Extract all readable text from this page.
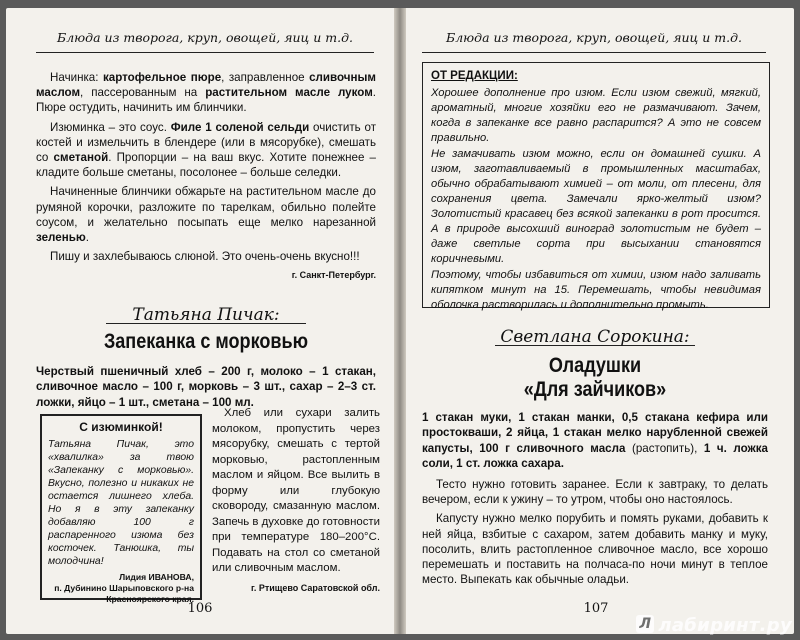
Блюда из творога, круп, овощей, яиц и т.д.

Начинка: картофельное пюре, заправленное сливочным маслом, пассерованным на растительном масле луком. Пюре остудить, начинить им блинчики.

Изюминка – это соус. Филе 1 соленой сельди очистить от костей и измельчить в блендере (или в мясорубке), смешать со сметаной. Пропорции – на ваш вкус. Хотите понежнее – кладите больше сметаны, посолонее – больше селедки.

Начиненные блинчики обжарьте на растительном масле до румяной корочки, разложите по тарелкам, обильно полейте соусом, и желательно посыпать еще мелко нарезанной зеленью.

Пишу и захлебываюсь слюной. Это очень-очень вкусно!!!

г. Санкт-Петербург.
Татьяна Пичак:
Запеканка с морковью
Черствый пшеничный хлеб – 200 г, молоко – 1 стакан, сливочное масло – 100 г, морковь – 3 шт., сахар – 2–3 ст. ложки, яйцо – 1 шт., сметана – 100 мл.
С изюминкой!
Татьяна Пичак, это «хвалилка» за твою «Запеканку с морковью». Вкусно, полезно и никаких не остается лишнего хлеба. Но я в эту запеканку добавляю 100 г распаренного изюма без косточек. Танюшка, ты молодчина!
Лидия ИВАНОВА,
п. Дубинино Шарыповского р-на
Красноярского края.

Хлеб или сухари залить молоком, пропустить через мясорубку, смешать с тертой морковью, растопленным маслом и яйцом. Все вылить в форму или глубокую сковороду, смазанную маслом. Запечь в духовке до готовности при температуре 180–200°С. Подавать на стол со сметаной или сливочным маслом.

г. Ртищево Саратовской обл.
106
Блюда из творога, круп, овощей, яиц и т.д.
ОТ РЕДАКЦИИ:

Хорошее дополнение про изюм. Если изюм свежий, мягкий, ароматный, многие хозяйки его не размачивают. Зачем, когда в запеканке все равно распарится? А это не совсем правильно.

Не замачивать изюм можно, если он домашней сушки. А изюм, заготавливаемый в промышленных масштабах, обычно обрабатывают химией – от моли, от плесени, для сохранения цвета. Замечали ярко-желтый изюм? Золотистый красавец без всякой запеканки в рот просится. А в природе высохший виноград золотистым не будет – даже светлые сорта при высыхании становятся коричневыми.

Поэтому, чтобы избавиться от химии, изюм надо заливать кипятком минут на 15. Перемешать, чтобы невидимая оболочка растворилась и дополнительно промыть.

Светлана Сорокина:
Оладушки
«Для зайчиков»
1 стакан муки, 1 стакан манки, 0,5 стакана кефира или простокваши, 2 яйца, 1 стакан мелко нарубленной свежей капусты, 100 г сливочного масла (растопить), 1 ч. ложка соли, 1 ст. ложка сахара.

Тесто нужно готовить заранее. Если к завтраку, то делать вечером, если к ужину – то утром, чтобы оно настоялось.

Капусту нужно мелко порубить и помять руками, добавить к ней яйца, взбитые с сахаром, затем добавить манку и муку, посолить, влить растопленное сливочное масло, все хорошо перемешать и поставить на полчаса-по ночи минут в теплое место. Выпекать как обычные оладьи.

107
Л лабиринт.ру
